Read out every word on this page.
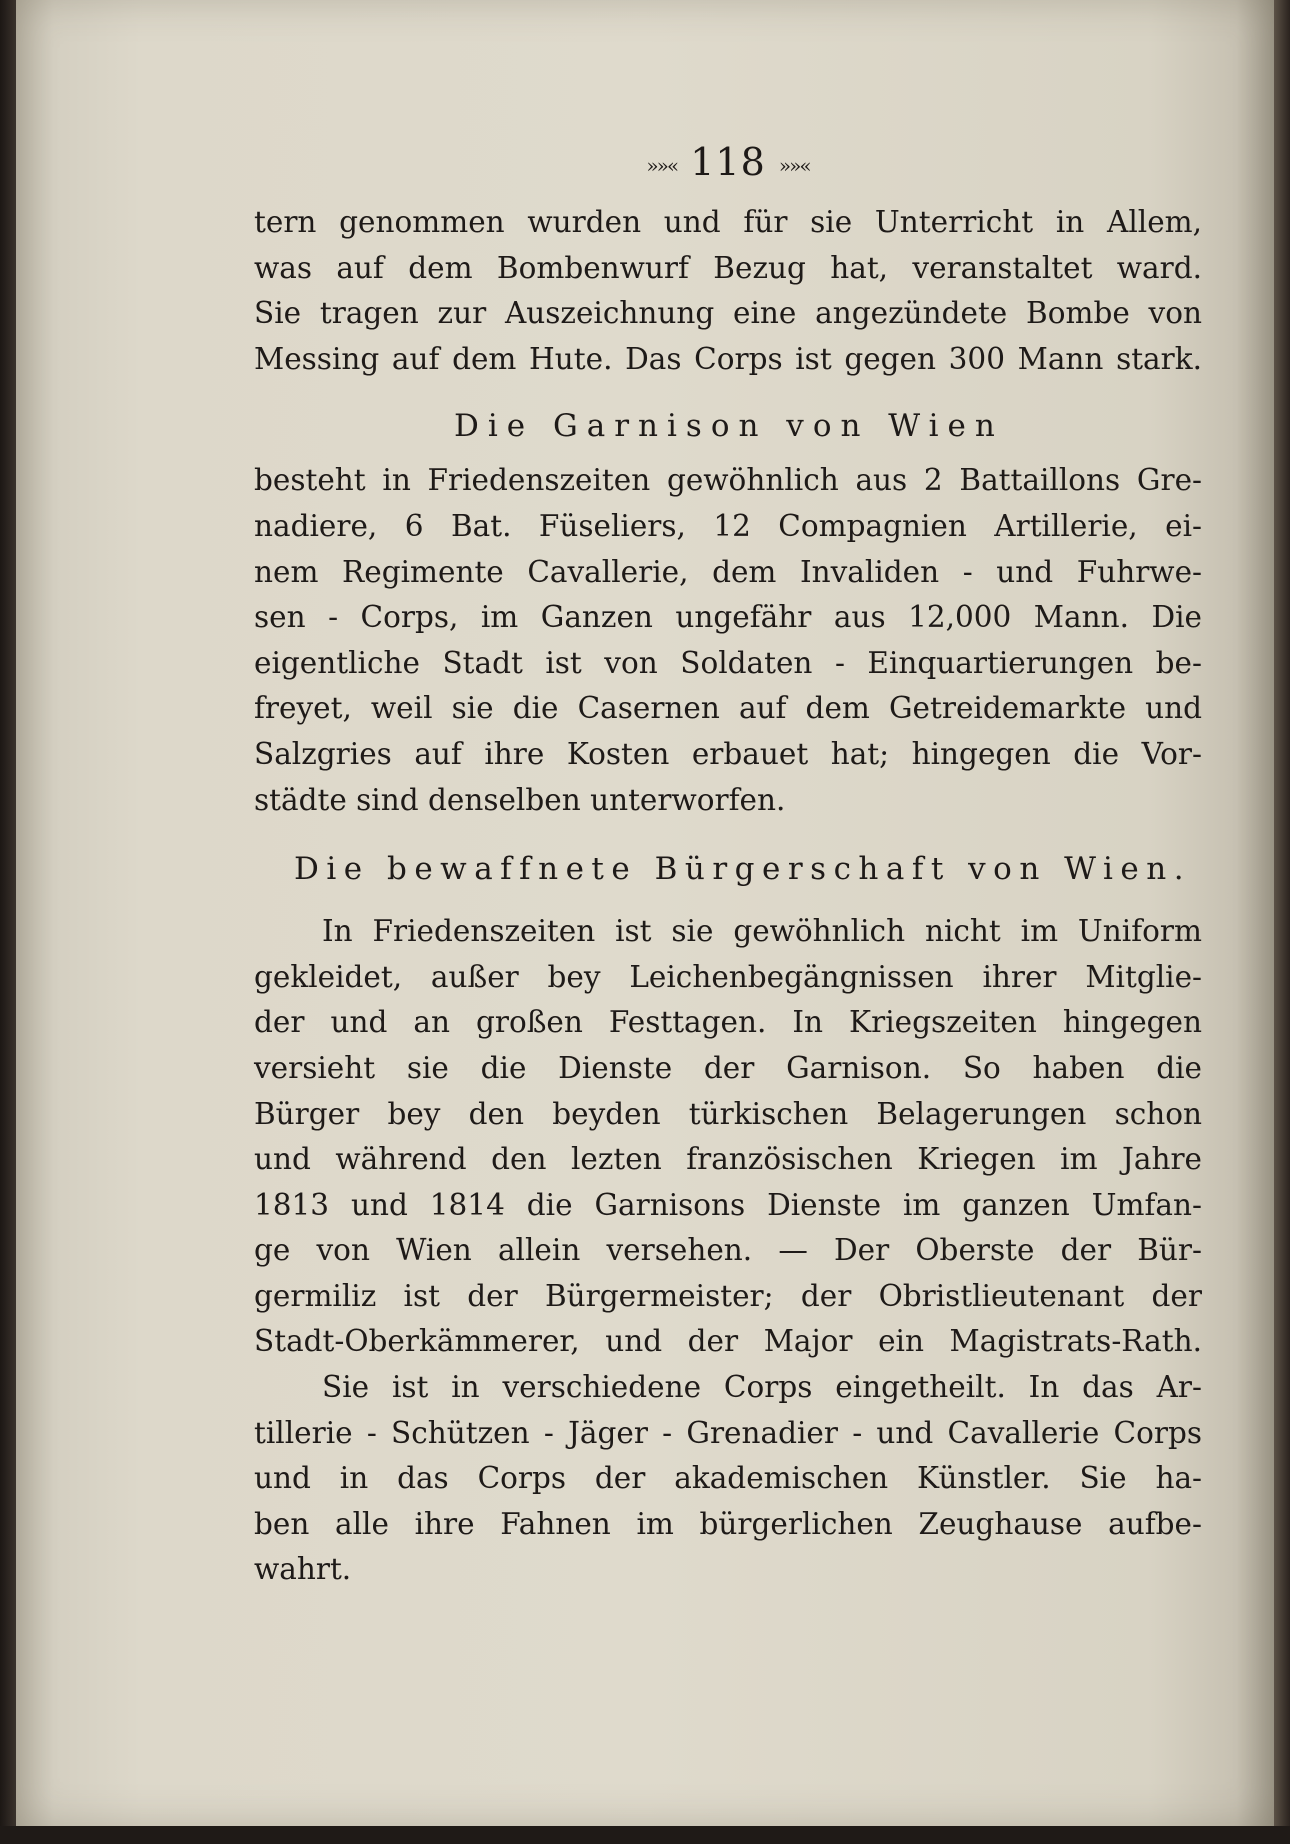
»»« 118 »»«
tern genommen wurden und für sie Unterricht in Allem,
was auf dem Bombenwurf Bezug hat, veranstaltet ward.
Sie tragen zur Auszeichnung eine angezündete Bombe von
Messing auf dem Hute. Das Corps ist gegen 300 Mann stark.
Die Garnison von Wien
besteht in Friedenszeiten gewöhnlich aus 2 Battaillons Gre-
nadiere, 6 Bat. Füseliers, 12 Compagnien Artillerie, ei-
nem Regimente Cavallerie, dem Invaliden - und Fuhrwe-
sen - Corps, im Ganzen ungefähr aus 12,000 Mann. Die
eigentliche Stadt ist von Soldaten - Einquartierungen be-
freyet, weil sie die Casernen auf dem Getreidemarkte und
Salzgries auf ihre Kosten erbauet hat; hingegen die Vor-
städte sind denselben unterworfen.
Die bewaffnete Bürgerschaft von Wien.
In Friedenszeiten ist sie gewöhnlich nicht im Uniform
gekleidet, außer bey Leichenbegängnissen ihrer Mitglie-
der und an großen Festtagen. In Kriegszeiten hingegen
versieht sie die Dienste der Garnison. So haben die
Bürger bey den beyden türkischen Belagerungen schon
und während den lezten französischen Kriegen im Jahre
1813 und 1814 die Garnisons Dienste im ganzen Umfan-
ge von Wien allein versehen. — Der Oberste der Bür-
germiliz ist der Bürgermeister; der Obristlieutenant der
Stadt-Oberkämmerer, und der Major ein Magistrats-Rath.
Sie ist in verschiedene Corps eingetheilt. In das Ar-
tillerie - Schützen - Jäger - Grenadier - und Cavallerie Corps
und in das Corps der akademischen Künstler. Sie ha-
ben alle ihre Fahnen im bürgerlichen Zeughause aufbe-
wahrt.
